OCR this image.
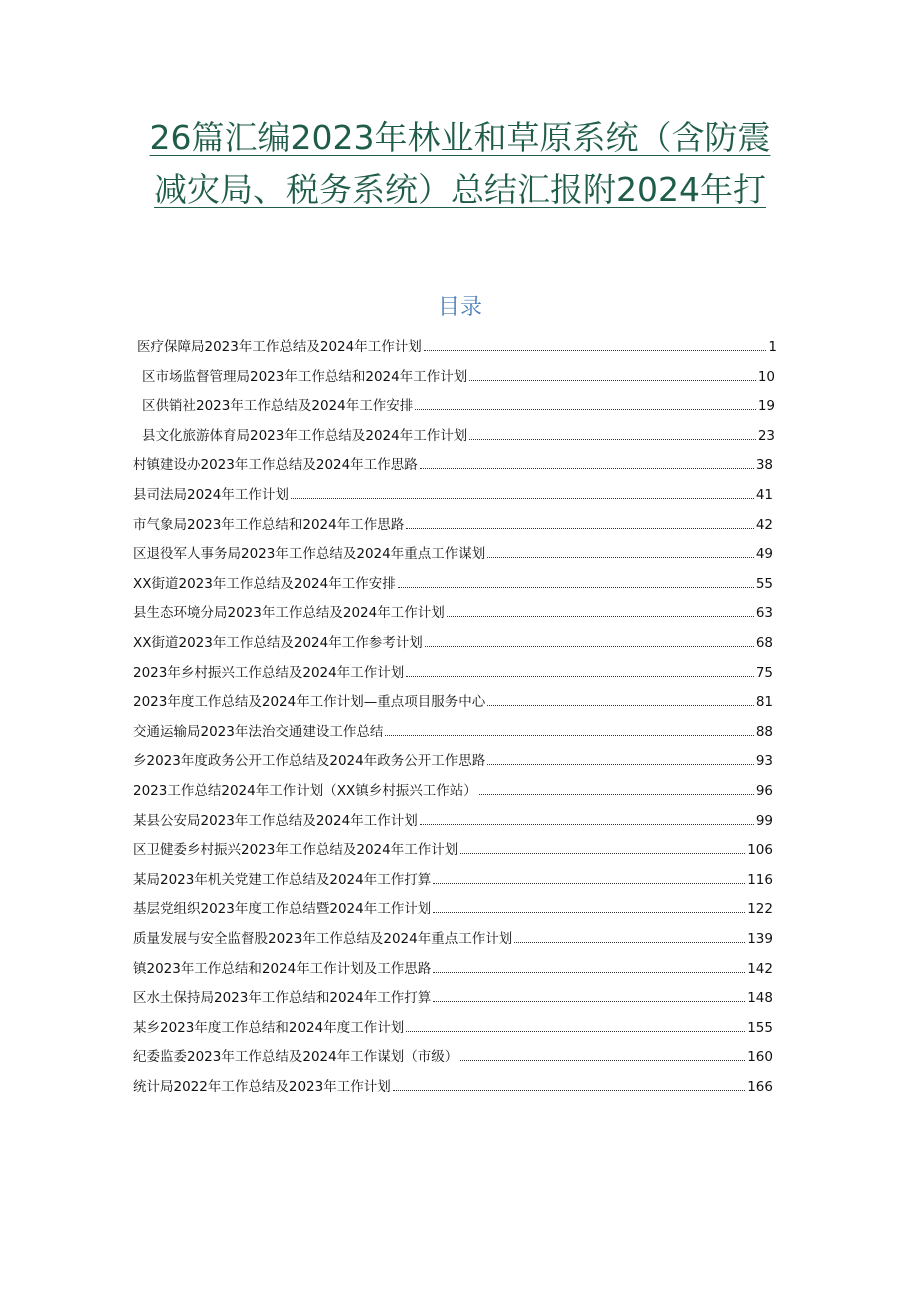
26篇汇编2023年林业和草原系统（含防震
减灾局、税务系统）总结汇报附2024年打
目录
医疗保障局2023年工作总结及2024年工作计划	1
区市场监督管理局2023年工作总结和2024年工作计划	10
区供销社2023年工作总结及2024年工作安排	19
县文化旅游体育局2023年工作总结及2024年工作计划	23
村镇建设办2023年工作总结及2024年工作思路	38
县司法局2024年工作计划	41
市气象局2023年工作总结和2024年工作思路	42
区退役军人事务局2023年工作总结及2024年重点工作谋划	49
XX街道2023年工作总结及2024年工作安排	55
县生态环境分局2023年工作总结及2024年工作计划	63
XX街道2023年工作总结及2024年工作参考计划	68
2023年乡村振兴工作总结及2024年工作计划	75
2023年度工作总结及2024年工作计划—重点项目服务中心	81
交通运输局2023年法治交通建设工作总结	88
乡2023年度政务公开工作总结及2024年政务公开工作思路	93
2023工作总结2024年工作计划（XX镇乡村振兴工作站）	96
某县公安局2023年工作总结及2024年工作计划	99
区卫健委乡村振兴2023年工作总结及2024年工作计划	106
某局2023年机关党建工作总结及2024年工作打算	116
基层党组织2023年度工作总结暨2024年工作计划	122
质量发展与安全监督股2023年工作总结及2024年重点工作计划	139
镇2023年工作总结和2024年工作计划及工作思路	142
区水土保持局2023年工作总结和2024年工作打算	148
某乡2023年度工作总结和2024年度工作计划	155
纪委监委2023年工作总结及2024年工作谋划（市级）	160
统计局2022年工作总结及2023年工作计划	166
